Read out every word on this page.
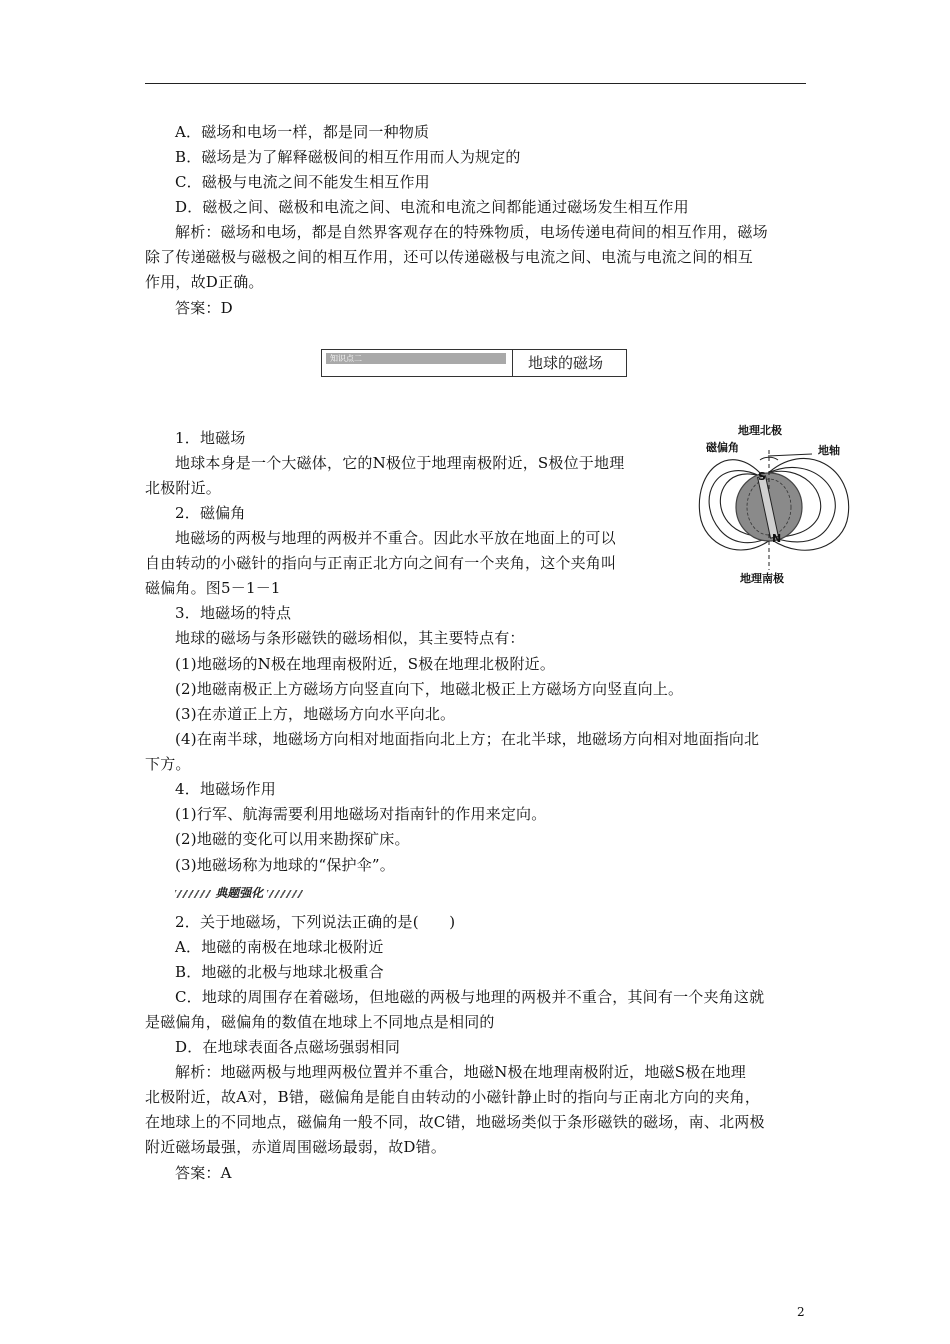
A．磁场和电场一样，都是同一种物质
B．磁场是为了解释磁极间的相互作用而人为规定的
C．磁极与电流之间不能发生相互作用
D．磁极之间、磁极和电流之间、电流和电流之间都能通过磁场发生相互作用
解析：磁场和电场，都是自然界客观存在的特殊物质，电场传递电荷间的相互作用，磁场
除了传递磁极与磁极之间的相互作用，还可以传递磁极与电流之间、电流与电流之间的相互
作用，故D正确。
答案：D
知识点二	地球的磁场
1．地磁场
地球本身是一个大磁体，它的N极位于地理南极附近，S极位于地理
北极附近。
2．磁偏角
地磁场的两极与地理的两极并不重合。因此水平放在地面上的可以
自由转动的小磁针的指向与正南正北方向之间有一个夹角，这个夹角叫
磁偏角。图5－1－1
地理北极
磁偏角	地轴
地理南极
S
N
3．地磁场的特点
地球的磁场与条形磁铁的磁场相似，其主要特点有：
(1)地磁场的N极在地理南极附近，S极在地理北极附近。
(2)地磁南极正上方磁场方向竖直向下，地磁北极正上方磁场方向竖直向上。
(3)在赤道正上方，地磁场方向水平向北。
(4)在南半球，地磁场方向相对地面指向北上方；在北半球，地磁场方向相对地面指向北
下方。
4．地磁场作用
(1)行军、航海需要利用地磁场对指南针的作用来定向。
(2)地磁的变化可以用来勘探矿床。
(3)地磁场称为地球的“保护伞”。
典题强化
2．关于地磁场，下列说法正确的是(　　)
A．地磁的南极在地球北极附近
B．地磁的北极与地球北极重合
C．地球的周围存在着磁场，但地磁的两极与地理的两极并不重合，其间有一个夹角这就
是磁偏角，磁偏角的数值在地球上不同地点是相同的
D．在地球表面各点磁场强弱相同
解析：地磁两极与地理两极位置并不重合，地磁N极在地理南极附近，地磁S极在地理
北极附近，故A对，B错，磁偏角是能自由转动的小磁针静止时的指向与正南北方向的夹角，
在地球上的不同地点，磁偏角一般不同，故C错，地磁场类似于条形磁铁的磁场，南、北两极
附近磁场最强，赤道周围磁场最弱，故D错。
答案：A
2
